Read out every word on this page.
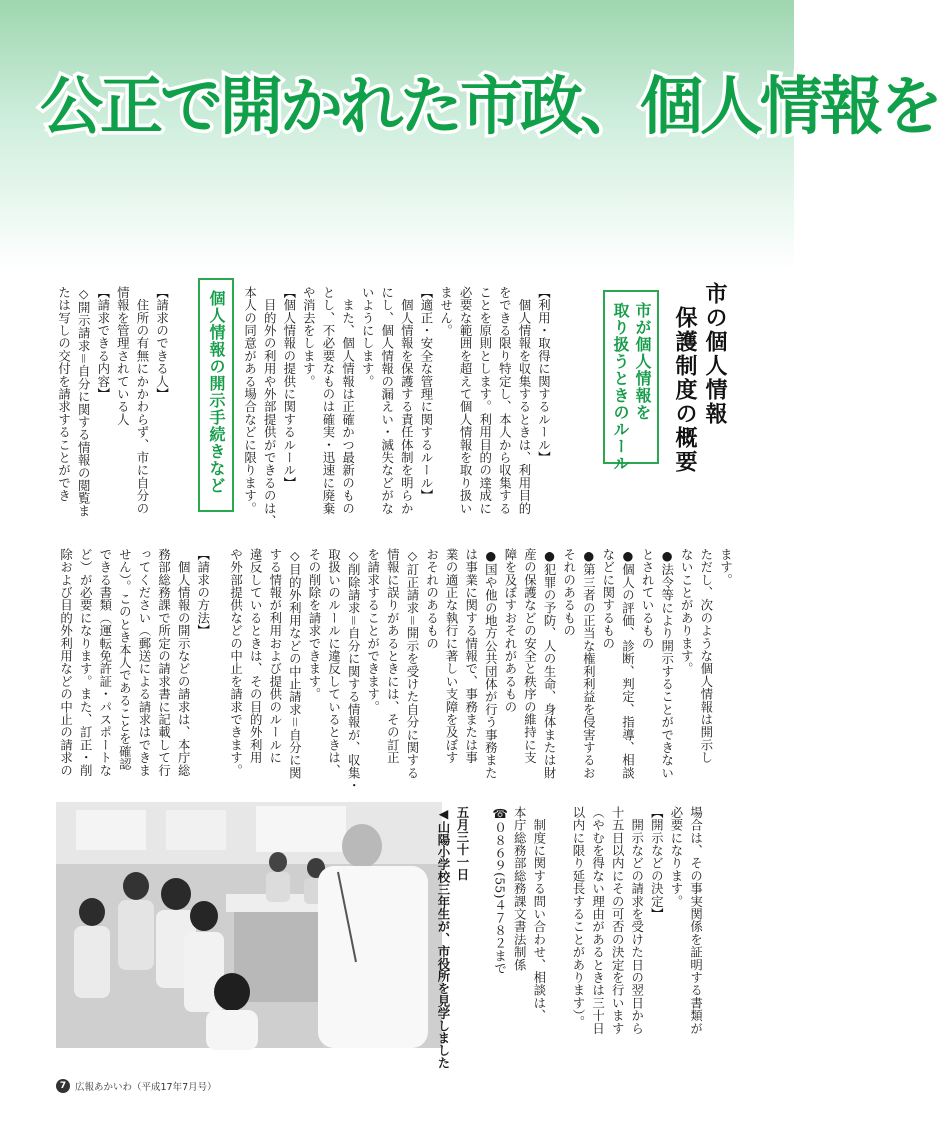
公正で開かれた市政、個人情報を
市の個人情報
　保護制度の概要
市が個人情報を
取り扱うときのルール

【利用・取得に関するルール】
　個人情報を収集するときは、利用目的
をできる限り特定し、本人から収集する
ことを原則とします。利用目的の達成に
必要な範囲を超えて個人情報を取り扱い
ません。
【適正・安全な管理に関するルール】
　個人情報を保護する責任体制を明らか
にし、個人情報の漏えい・滅失などがな
いようにします。
　また、個人情報は正確かつ最新のもの
とし、不必要なものは確実・迅速に廃棄
や消去をします。
【個人情報の提供に関するルール】
　目的外の利用や外部提供ができるのは、
本人の同意がある場合などに限ります。

個人情報の開示手続きなど

【請求のできる人】
　住所の有無にかかわらず、市に自分の
情報を管理されている人
【請求できる内容】
◇開示請求＝自分に関する情報の閲覧ま
たは写しの交付を請求することができ

ます。
ただし、次のような個人情報は開示し
ないことがあります。
●法令等により開示することができない
とされているもの
●個人の評価、診断、判定、指導、相談
などに関するもの
●第三者の正当な権利利益を侵害するお
それのあるもの
●犯罪の予防、人の生命、身体または財
産の保護などの安全と秩序の維持に支
障を及ぼすおそれがあるもの
●国や他の地方公共団体が行う事務また
は事業に関する情報で、事務または事
業の適正な執行に著しい支障を及ぼす
おそれのあるもの
◇訂正請求＝開示を受けた自分に関する
情報に誤りがあるときには、その訂正
を請求することができます。
◇削除請求＝自分に関する情報が、収集・
取扱いのルールに違反しているときは、
その削除を請求できます。
◇目的外利用などの中止請求＝自分に関
する情報が利用および提供のルールに
違反しているときは、その目的外利用
や外部提供などの中止を請求できます。

【請求の方法】
　個人情報の開示などの請求は、本庁総
務部総務課で所定の請求書に記載して行
ってください（郵送による請求はできま
せん）。このとき本人であることを確認
できる書類（運転免許証・パスポートな
ど）が必要になります。また、訂正・削
除および目的外利用などの中止の請求の

場合は、その事実関係を証明する書類が
必要になります。
【開示などの決定】
　開示などの請求を受けた日の翌日から
十五日以内にその可否の決定を行います
（やむを得ない理由があるときは三十日
以内に限り延長することがあります）。

　制度に関する問い合わせ、相談は、
本庁総務部総務課文書法制係
☎０８６９(55)４７８２まで

五月三十一日
◀山陽小学校三年生が、市役所を見学しました

7 広報あかいわ（平成17年7月号）
